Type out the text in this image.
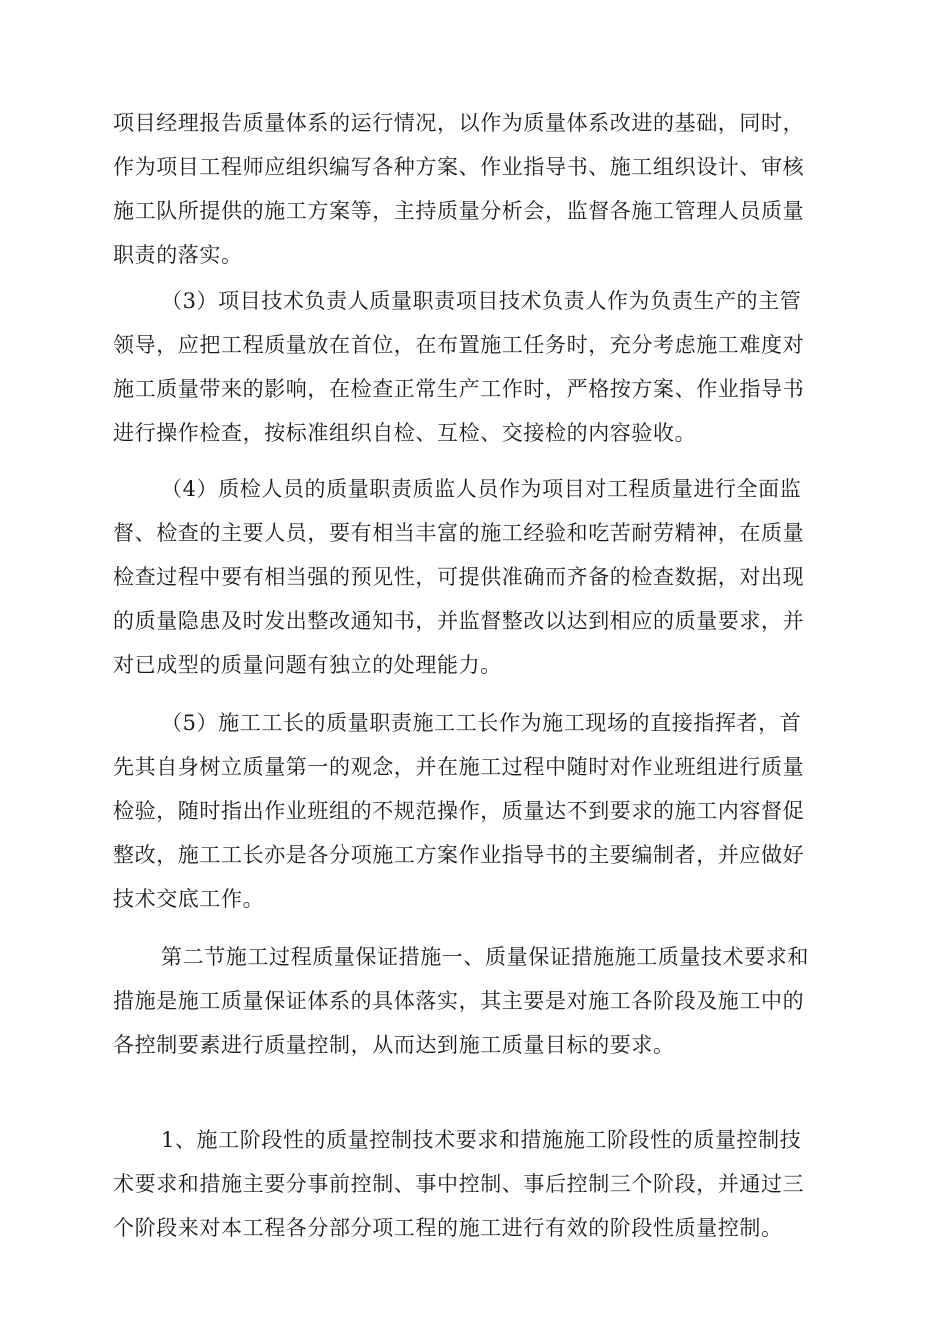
项目经理报告质量体系的运行情况，以作为质量体系改进的基础，同时，
作为项目工程师应组织编写各种方案、作业指导书、施工组织设计、审核
施工队所提供的施工方案等，主持质量分析会，监督各施工管理人员质量
职责的落实。
（3）项目技术负责人质量职责项目技术负责人作为负责生产的主管
领导，应把工程质量放在首位，在布置施工任务时，充分考虑施工难度对
施工质量带来的影响，在检查正常生产工作时，严格按方案、作业指导书
进行操作检查，按标准组织自检、互检、交接检的内容验收。
（4）质检人员的质量职责质监人员作为项目对工程质量进行全面监
督、检查的主要人员，要有相当丰富的施工经验和吃苦耐劳精神，在质量
检查过程中要有相当强的预见性，可提供准确而齐备的检查数据，对出现
的质量隐患及时发出整改通知书，并监督整改以达到相应的质量要求，并
对已成型的质量问题有独立的处理能力。
（5）施工工长的质量职责施工工长作为施工现场的直接指挥者，首
先其自身树立质量第一的观念，并在施工过程中随时对作业班组进行质量
检验，随时指出作业班组的不规范操作，质量达不到要求的施工内容督促
整改，施工工长亦是各分项施工方案作业指导书的主要编制者，并应做好
技术交底工作。
第二节施工过程质量保证措施一、质量保证措施施工质量技术要求和
措施是施工质量保证体系的具体落实，其主要是对施工各阶段及施工中的
各控制要素进行质量控制，从而达到施工质量目标的要求。
1、施工阶段性的质量控制技术要求和措施施工阶段性的质量控制技
术要求和措施主要分事前控制、事中控制、事后控制三个阶段，并通过三
个阶段来对本工程各分部分项工程的施工进行有效的阶段性质量控制。
